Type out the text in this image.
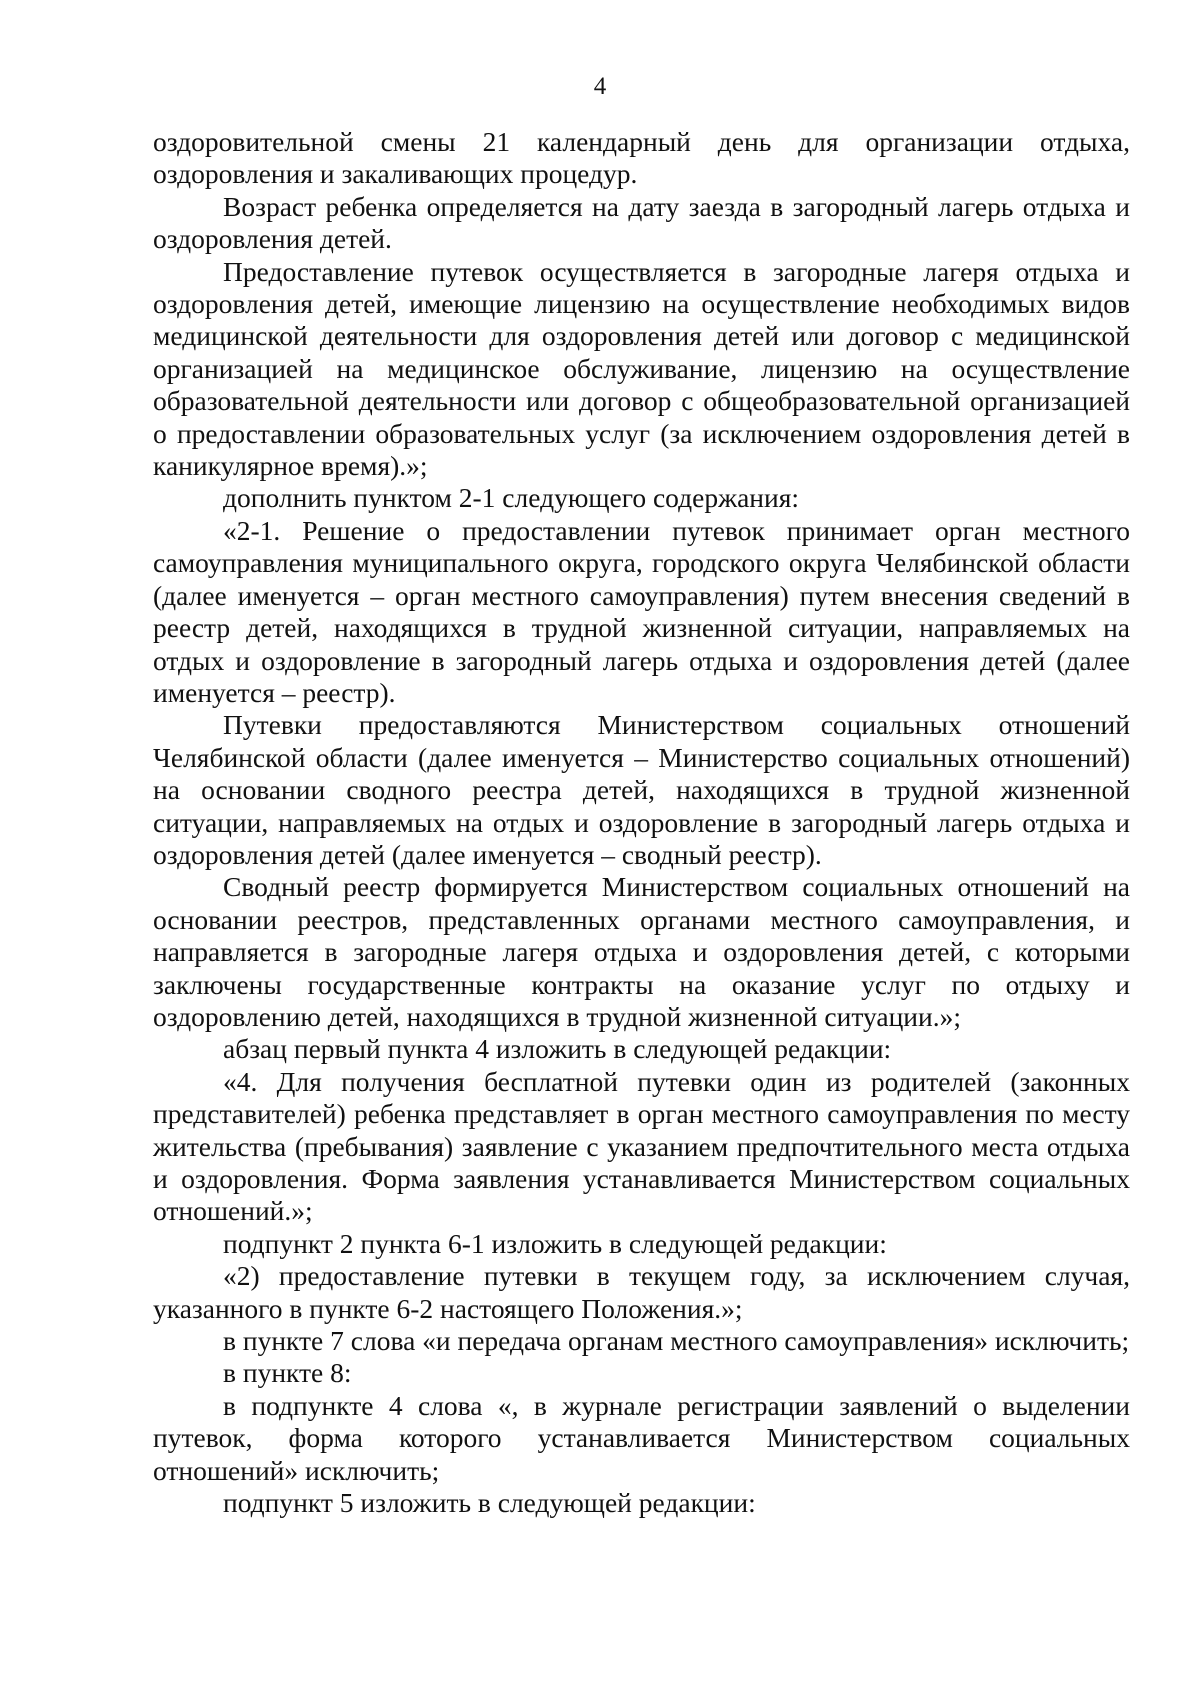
4

оздоровительной смены 21 календарный день для организации отдыха, оздоровления и закаливающих процедур.

Возраст ребенка определяется на дату заезда в загородный лагерь отдыха и оздоровления детей.

Предоставление путевок осуществляется в загородные лагеря отдыха и оздоровления детей, имеющие лицензию на осуществление необходимых видов медицинской деятельности для оздоровления детей или договор с медицинской организацией на медицинское обслуживание, лицензию на осуществление образовательной деятельности или договор с общеобразовательной организацией о предоставлении образовательных услуг (за исключением оздоровления детей в каникулярное время).»;

дополнить пунктом 2-1 следующего содержания:

«2-1. Решение о предоставлении путевок принимает орган местного самоуправления муниципального округа, городского округа Челябинской области (далее именуется – орган местного самоуправления) путем внесения сведений в реестр детей, находящихся в трудной жизненной ситуации, направляемых на отдых и оздоровление в загородный лагерь отдыха и оздоровления детей (далее именуется – реестр).

Путевки предоставляются Министерством социальных отношений Челябинской области (далее именуется – Министерство социальных отношений) на основании сводного реестра детей, находящихся в трудной жизненной ситуации, направляемых на отдых и оздоровление в загородный лагерь отдыха и оздоровления детей (далее именуется – сводный реестр).

Сводный реестр формируется Министерством социальных отношений на основании реестров, представленных органами местного самоуправления, и направляется в загородные лагеря отдыха и оздоровления детей, с которыми заключены государственные контракты на оказание услуг по отдыху и оздоровлению детей, находящихся в трудной жизненной ситуации.»;

абзац первый пункта 4 изложить в следующей редакции:

«4. Для получения бесплатной путевки один из родителей (законных представителей) ребенка представляет в орган местного самоуправления по месту жительства (пребывания) заявление с указанием предпочтительного места отдыха и оздоровления. Форма заявления устанавливается Министерством социальных отношений.»;

подпункт 2 пункта 6-1 изложить в следующей редакции:

«2) предоставление путевки в текущем году, за исключением случая, указанного в пункте 6-2 настоящего Положения.»;

в пункте 7 слова «и передача органам местного самоуправления» исключить;

в пункте 8:

в подпункте 4 слова «, в журнале регистрации заявлений о выделении путевок, форма которого устанавливается Министерством социальных отношений» исключить;

подпункт 5 изложить в следующей редакции:
